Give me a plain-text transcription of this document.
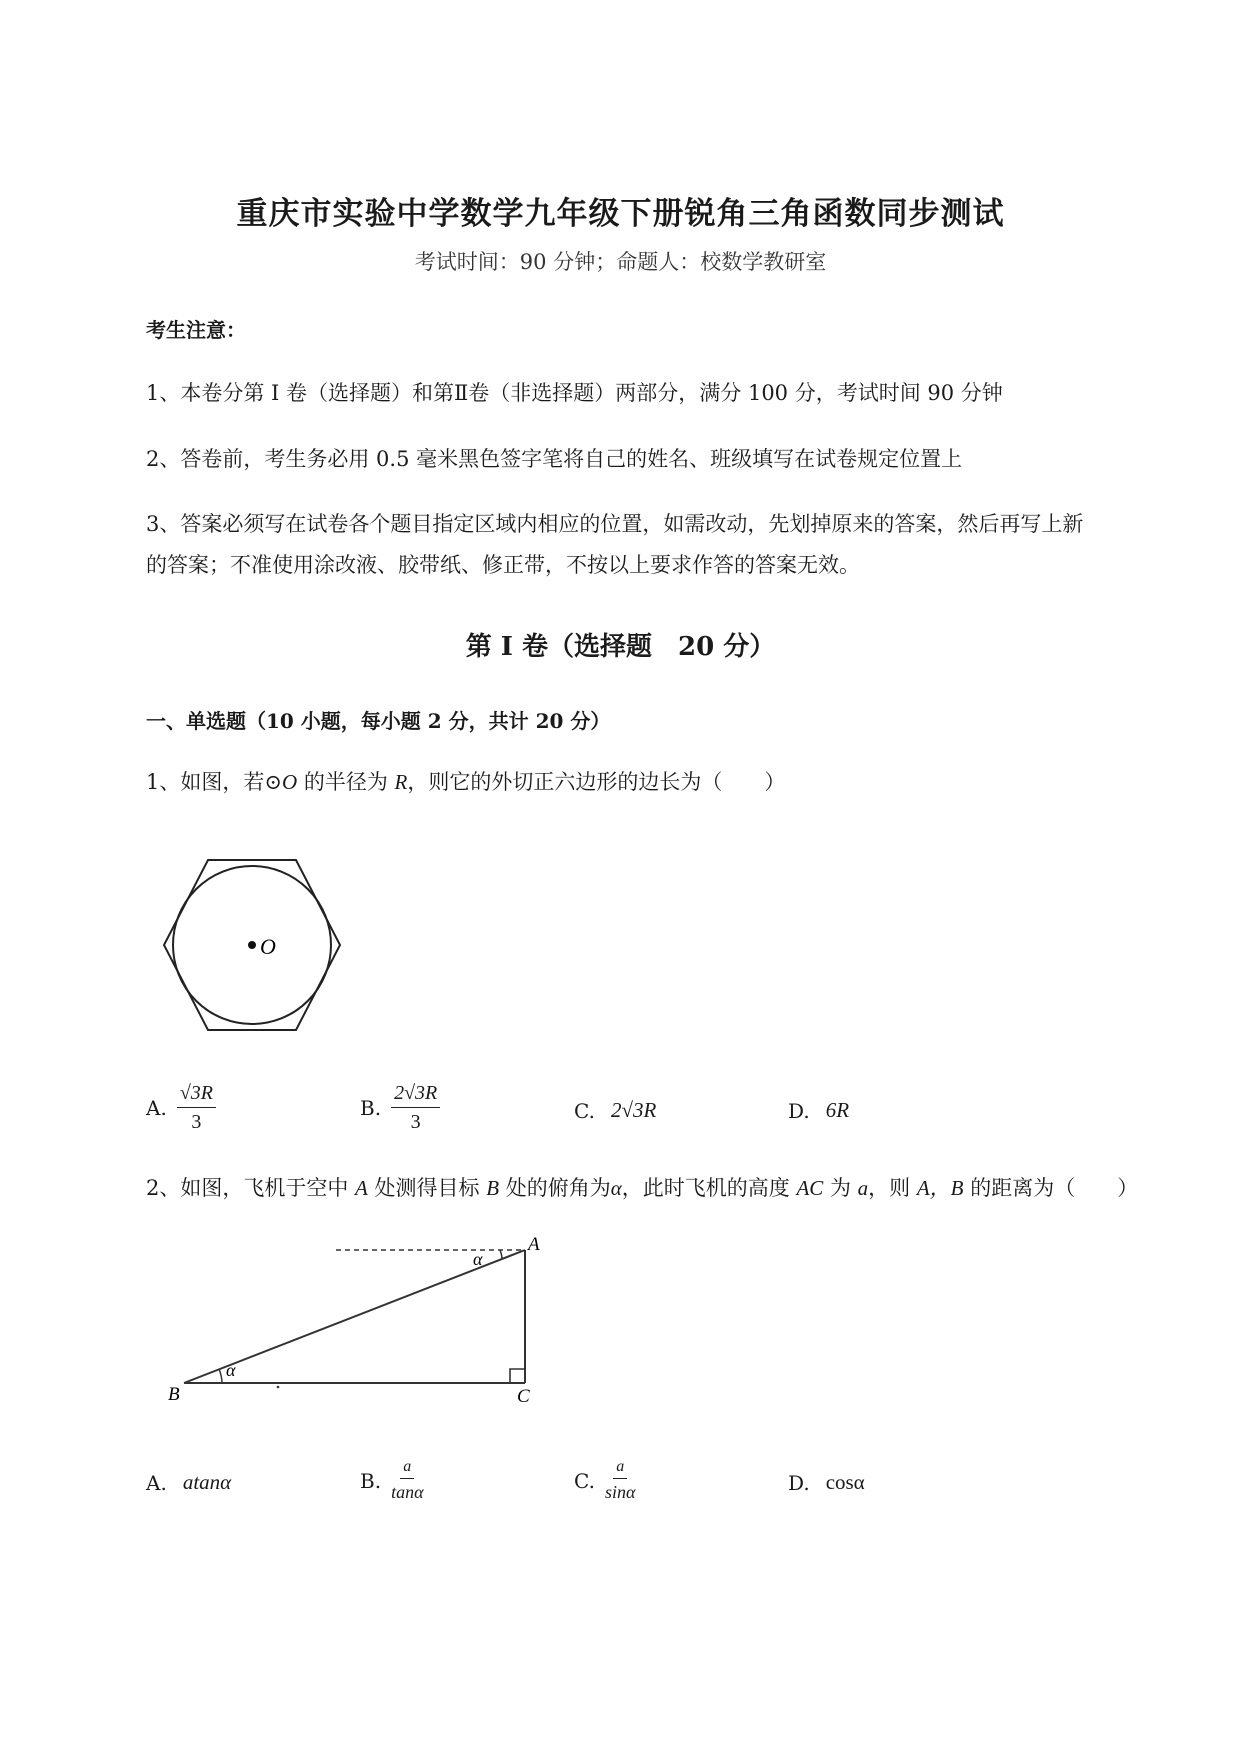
重庆市实验中学数学九年级下册锐角三角函数同步测试
考试时间：90 分钟；命题人：校数学教研室
考生注意：
1、本卷分第 I 卷（选择题）和第Ⅱ卷（非选择题）两部分，满分 100 分，考试时间 90 分钟
2、答卷前，考生务必用 0.5 毫米黑色签字笔将自己的姓名、班级填写在试卷规定位置上
3、答案必须写在试卷各个题目指定区域内相应的位置，如需改动，先划掉原来的答案，然后再写上新
的答案；不准使用涂改液、胶带纸、修正带，不按以上要求作答的答案无效。
第 I 卷（选择题　20 分）
一、单选题（10 小题，每小题 2 分，共计 20 分）
1、如图，若⊙O 的半径为 R，则它的外切正六边形的边长为（　　）
O
A. $\frac{√3R}{3}$	B. $\frac{2√3R}{3}$	C. 2√3R	D. 6R
2、如图，飞机于空中 A 处测得目标 B 处的俯角为α，此时飞机的高度 AC 为 a，则 A，B 的距离为（　　）
A
B	C
α
α
A. atanα	B. $\frac{a}{\tan\alpha}$	C. $\frac{a}{\sin\alpha}$	D. cosα
